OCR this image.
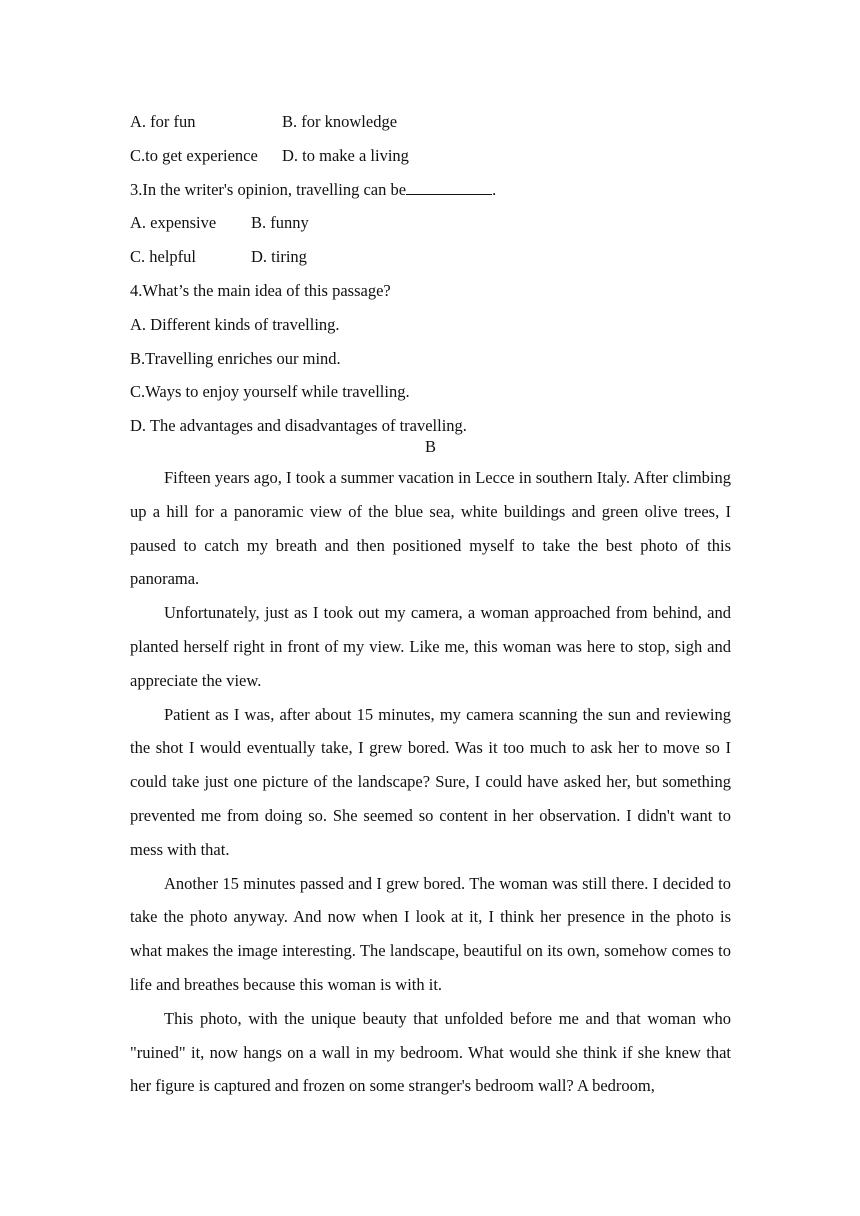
A. for fun	B. for knowledge
C.to get experience D. to make a living
3.In the writer's opinion, travelling can be	.
A. expensive B. funny
C. helpful	D. tiring
4.What’s the main idea of this passage?
A. Different kinds of travelling.
B.Travelling enriches our mind.
C.Ways to enjoy yourself while travelling.
D. The advantages and disadvantages of travelling.
B

Fifteen years ago, I took a summer vacation in Lecce in southern Italy. After climbing up a hill for a panoramic view of the blue sea, white buildings and green olive trees, I paused to catch my breath and then positioned myself to take the best photo of this panorama.

Unfortunately, just as I took out my camera, a woman approached from behind, and planted herself right in front of my view. Like me, this woman was here to stop, sigh and appreciate the view.

Patient as I was, after about 15 minutes, my camera scanning the sun and reviewing the shot I would eventually take, I grew bored. Was it too much to ask her to move so I could take just one picture of the landscape? Sure, I could have asked her, but something prevented me from doing so. She seemed so content in her observation. I didn't want to mess with that.

Another 15 minutes passed and I grew bored. The woman was still there. I decided to take the photo anyway. And now when I look at it, I think her presence in the photo is what makes the image interesting. The landscape, beautiful on its own, somehow comes to life and breathes because this woman is with it.

This photo, with the unique beauty that unfolded before me and that woman who "ruined" it, now hangs on a wall in my bedroom. What would she think if she knew that her figure is captured and frozen on some stranger's bedroom wall? A bedroom,
